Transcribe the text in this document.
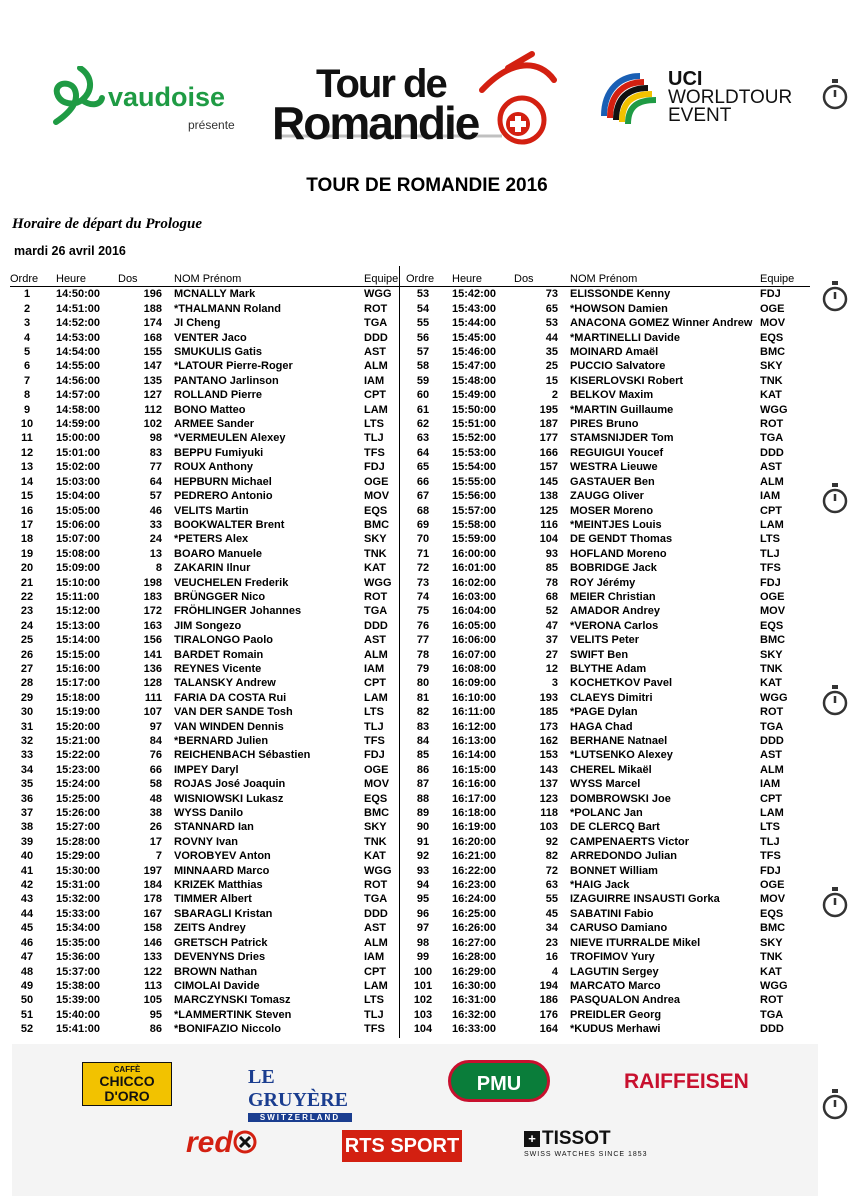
vaudoise
présente
Tour de
Romandie
UCI
WORLDTOUR
EVENT
TOUR DE ROMANDIE 2016
Horaire de départ du Prologue
mardi 26 avril 2016
Ordre	Heure	Dos	NOM Prénom	Equipe
1	14:50:00	196	MCNALLY Mark	WGG
2	14:51:00	188	*THALMANN Roland	ROT
3	14:52:00	174	JI Cheng	TGA
4	14:53:00	168	VENTER Jaco	DDD
5	14:54:00	155	SMUKULIS Gatis	AST
6	14:55:00	147	*LATOUR Pierre-Roger	ALM
7	14:56:00	135	PANTANO Jarlinson	IAM
8	14:57:00	127	ROLLAND Pierre	CPT
9	14:58:00	112	BONO Matteo	LAM
10	14:59:00	102	ARMEE Sander	LTS
11	15:00:00	98	*VERMEULEN Alexey	TLJ
12	15:01:00	83	BEPPU Fumiyuki	TFS
13	15:02:00	77	ROUX Anthony	FDJ
14	15:03:00	64	HEPBURN Michael	OGE
15	15:04:00	57	PEDRERO Antonio	MOV
16	15:05:00	46	VELITS Martin	EQS
17	15:06:00	33	BOOKWALTER Brent	BMC
18	15:07:00	24	*PETERS Alex	SKY
19	15:08:00	13	BOARO Manuele	TNK
20	15:09:00	8	ZAKARIN Ilnur	KAT
21	15:10:00	198	VEUCHELEN Frederik	WGG
22	15:11:00	183	BRÜNGGER Nico	ROT
23	15:12:00	172	FRÖHLINGER Johannes	TGA
24	15:13:00	163	JIM Songezo	DDD
25	15:14:00	156	TIRALONGO Paolo	AST
26	15:15:00	141	BARDET Romain	ALM
27	15:16:00	136	REYNES Vicente	IAM
28	15:17:00	128	TALANSKY Andrew	CPT
29	15:18:00	111	FARIA DA COSTA Rui	LAM
30	15:19:00	107	VAN DER SANDE Tosh	LTS
31	15:20:00	97	VAN WINDEN Dennis	TLJ
32	15:21:00	84	*BERNARD Julien	TFS
33	15:22:00	76	REICHENBACH Sébastien	FDJ
34	15:23:00	66	IMPEY Daryl	OGE
35	15:24:00	58	ROJAS José Joaquin	MOV
36	15:25:00	48	WISNIOWSKI Lukasz	EQS
37	15:26:00	38	WYSS Danilo	BMC
38	15:27:00	26	STANNARD Ian	SKY
39	15:28:00	17	ROVNY Ivan	TNK
40	15:29:00	7	VOROBYEV Anton	KAT
41	15:30:00	197	MINNAARD Marco	WGG
42	15:31:00	184	KRIZEK Matthias	ROT
43	15:32:00	178	TIMMER Albert	TGA
44	15:33:00	167	SBARAGLI Kristan	DDD
45	15:34:00	158	ZEITS Andrey	AST
46	15:35:00	146	GRETSCH Patrick	ALM
47	15:36:00	133	DEVENYNS Dries	IAM
48	15:37:00	122	BROWN Nathan	CPT
49	15:38:00	113	CIMOLAI Davide	LAM
50	15:39:00	105	MARCZYNSKI Tomasz	LTS
51	15:40:00	95	*LAMMERTINK Steven	TLJ
52	15:41:00	86	*BONIFAZIO Niccolo	TFS
Ordre	Heure	Dos	NOM Prénom	Equipe
53	15:42:00	73	ELISSONDE Kenny	FDJ
54	15:43:00	65	*HOWSON Damien	OGE
55	15:44:00	53	ANACONA GOMEZ Winner Andrew	MOV
56	15:45:00	44	*MARTINELLI Davide	EQS
57	15:46:00	35	MOINARD Amaël	BMC
58	15:47:00	25	PUCCIO Salvatore	SKY
59	15:48:00	15	KISERLOVSKI Robert	TNK
60	15:49:00	2	BELKOV Maxim	KAT
61	15:50:00	195	*MARTIN Guillaume	WGG
62	15:51:00	187	PIRES Bruno	ROT
63	15:52:00	177	STAMSNIJDER Tom	TGA
64	15:53:00	166	REGUIGUI Youcef	DDD
65	15:54:00	157	WESTRA Lieuwe	AST
66	15:55:00	145	GASTAUER Ben	ALM
67	15:56:00	138	ZAUGG Oliver	IAM
68	15:57:00	125	MOSER Moreno	CPT
69	15:58:00	116	*MEINTJES Louis	LAM
70	15:59:00	104	DE GENDT Thomas	LTS
71	16:00:00	93	HOFLAND Moreno	TLJ
72	16:01:00	85	BOBRIDGE Jack	TFS
73	16:02:00	78	ROY Jérémy	FDJ
74	16:03:00	68	MEIER Christian	OGE
75	16:04:00	52	AMADOR Andrey	MOV
76	16:05:00	47	*VERONA Carlos	EQS
77	16:06:00	37	VELITS Peter	BMC
78	16:07:00	27	SWIFT Ben	SKY
79	16:08:00	12	BLYTHE Adam	TNK
80	16:09:00	3	KOCHETKOV Pavel	KAT
81	16:10:00	193	CLAEYS Dimitri	WGG
82	16:11:00	185	*PAGE Dylan	ROT
83	16:12:00	173	HAGA Chad	TGA
84	16:13:00	162	BERHANE Natnael	DDD
85	16:14:00	153	*LUTSENKO Alexey	AST
86	16:15:00	143	CHEREL Mikaël	ALM
87	16:16:00	137	WYSS Marcel	IAM
88	16:17:00	123	DOMBROWSKI Joe	CPT
89	16:18:00	118	*POLANC Jan	LAM
90	16:19:00	103	DE CLERCQ Bart	LTS
91	16:20:00	92	CAMPENAERTS Victor	TLJ
92	16:21:00	82	ARREDONDO Julian	TFS
93	16:22:00	72	BONNET William	FDJ
94	16:23:00	63	*HAIG Jack	OGE
95	16:24:00	55	IZAGUIRRE INSAUSTI Gorka	MOV
96	16:25:00	45	SABATINI Fabio	EQS
97	16:26:00	34	CARUSO Damiano	BMC
98	16:27:00	23	NIEVE ITURRALDE Mikel	SKY
99	16:28:00	16	TROFIMOV Yury	TNK
100	16:29:00	4	LAGUTIN Sergey	KAT
101	16:30:00	194	MARCATO Marco	WGG
102	16:31:00	186	PASQUALON Andrea	ROT
103	16:32:00	176	PREIDLER Georg	TGA
104	16:33:00	164	*KUDUS Merhawi	DDD
CAFFÈ
CHICCO
D'ORO
LE GRUYÈRE
SWITZERLAND
PMU	RAIFFEISEN
red	RTS SPORT	+ TISSOT
SWISS WATCHES SINCE 1853
